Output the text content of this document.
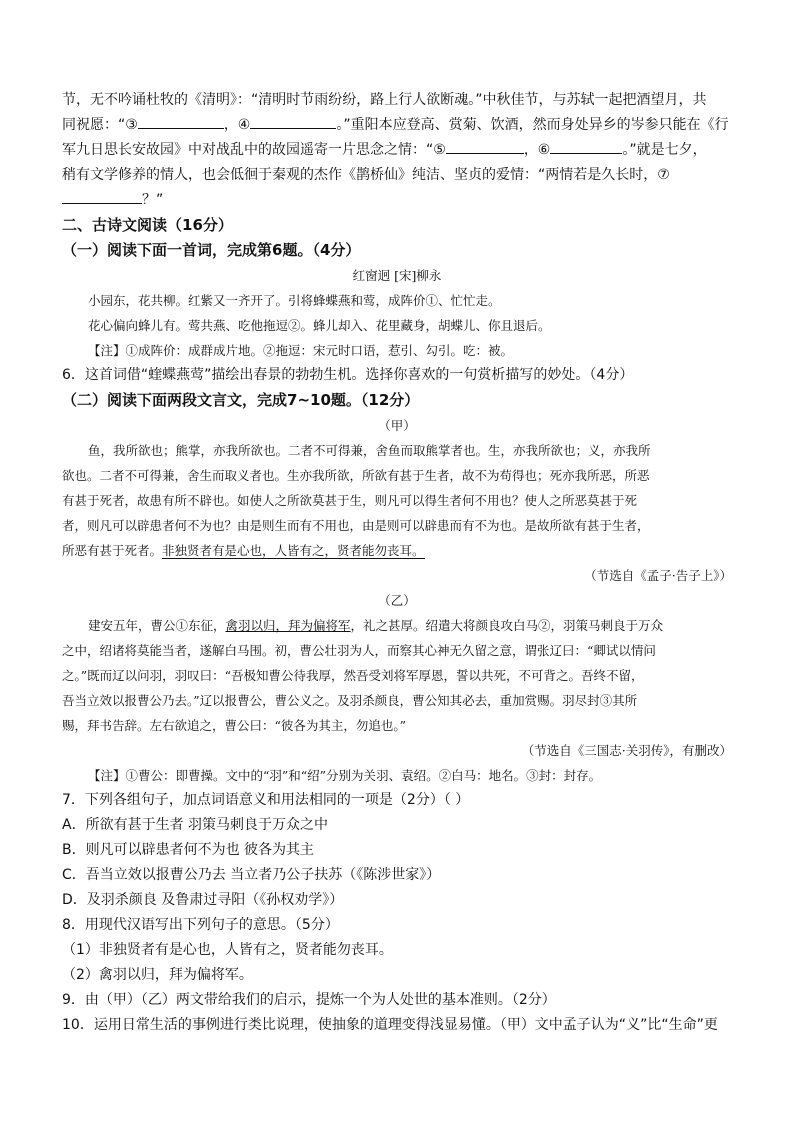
节，无不吟诵杜牧的《清明》：“清明时节雨纷纷，路上行人欲断魂。”中秋佳节，与苏轼一起把酒望月，共

同祝愿：“③	，④	。”重阳本应登高、赏菊、饮酒，然而身处异乡的岑参只能在《行

军九日思长安故园》中对战乱中的故园遥寄一片思念之情：“⑤	，⑥	。”就是七夕，

稍有文学修养的情人，也会低徊于秦观的杰作《鹊桥仙》纯洁、坚贞的爱情：“两情若是久长时，⑦

？”

二、古诗文阅读（16分）

（一）阅读下面一首词，完成第6题。（4分）

红窗迥 [宋]柳永

小园东，花共柳。红紫又一齐开了。引将蜂蝶燕和莺，成阵价①、忙忙走。

花心偏向蜂儿有。莺共燕、吃他拖逗②。蜂儿却入、花里藏身，胡蝶儿、你且退后。

【注】①成阵价：成群成片地。②拖逗：宋元时口语，惹引、勾引。吃：被。

6．这首词借“蝰蝶燕莺”描绘出春景的勃勃生机。选择你喜欢的一句赏析描写的妙处。（4分）

（二）阅读下面两段文言文，完成7~10题。（12分）

（甲）

鱼，我所欲也；熊掌，亦我所欲也。二者不可得兼，舍鱼而取熊掌者也。生，亦我所欲也；义，亦我所

欲也。二者不可得兼，舍生而取义者也。生亦我所欲，所欲有甚于生者，故不为苟得也；死亦我所恶，所恶

有甚于死者，故患有所不辟也。如使人之所欲莫甚于生，则凡可以得生者何不用也？使人之所恶莫甚于死

者，则凡可以辟患者何不为也？由是则生而有不用也，由是则可以辟患而有不为也。是故所欲有甚于生者，

所恶有甚于死者。非独贤者有是心也，人皆有之，贤者能勿丧耳。

（节选自《孟子·告子上》）

（乙）

建安五年，曹公①东征，禽羽以归，拜为偏将军，礼之甚厚。绍遣大将颜良攻白马②，羽策马刺良于万众

之中，绍诸将莫能当者，遂解白马围。初，曹公壮羽为人，而察其心神无久留之意，谓张辽曰：“卿试以情问

之。”既而辽以问羽，羽叹曰：“吾极知曹公待我厚，然吾受刘将军厚恩，誓以共死，不可背之。吾终不留，

吾当立效以报曹公乃去。”辽以报曹公，曹公义之。及羽杀颜良，曹公知其必去，重加赏赐。羽尽封③其所

赐，拜书告辞。左右欲追之，曹公曰：“彼各为其主，勿追也。”

（节选自《三国志·关羽传》，有删改）

【注】①曹公：即曹操。文中的“羽”和“绍”分别为关羽、袁绍。②白马：地名。③封：封存。

7．下列各组句子，加点词语意义和用法相同的一项是（2分）（ ）

A．所欲有甚于生者 羽策马刺良于万众之中

B．则凡可以辟患者何不为也 彼各为其主

C．吾当立效以报曹公乃去 当立者乃公子扶苏（《陈涉世家》）

D．及羽杀颜良 及鲁肃过寻阳（《孙权劝学》）

8．用现代汉语写出下列句子的意思。（5分）

（1）非独贤者有是心也，人皆有之，贤者能勿丧耳。

（2）禽羽以归，拜为偏将军。

9．由（甲）（乙）两文带给我们的启示，提炼一个为人处世的基本准则。（2分）

10．运用日常生活的事例进行类比说理，使抽象的道理变得浅显易懂。（甲）文中孟子认为“义”比“生命”更
